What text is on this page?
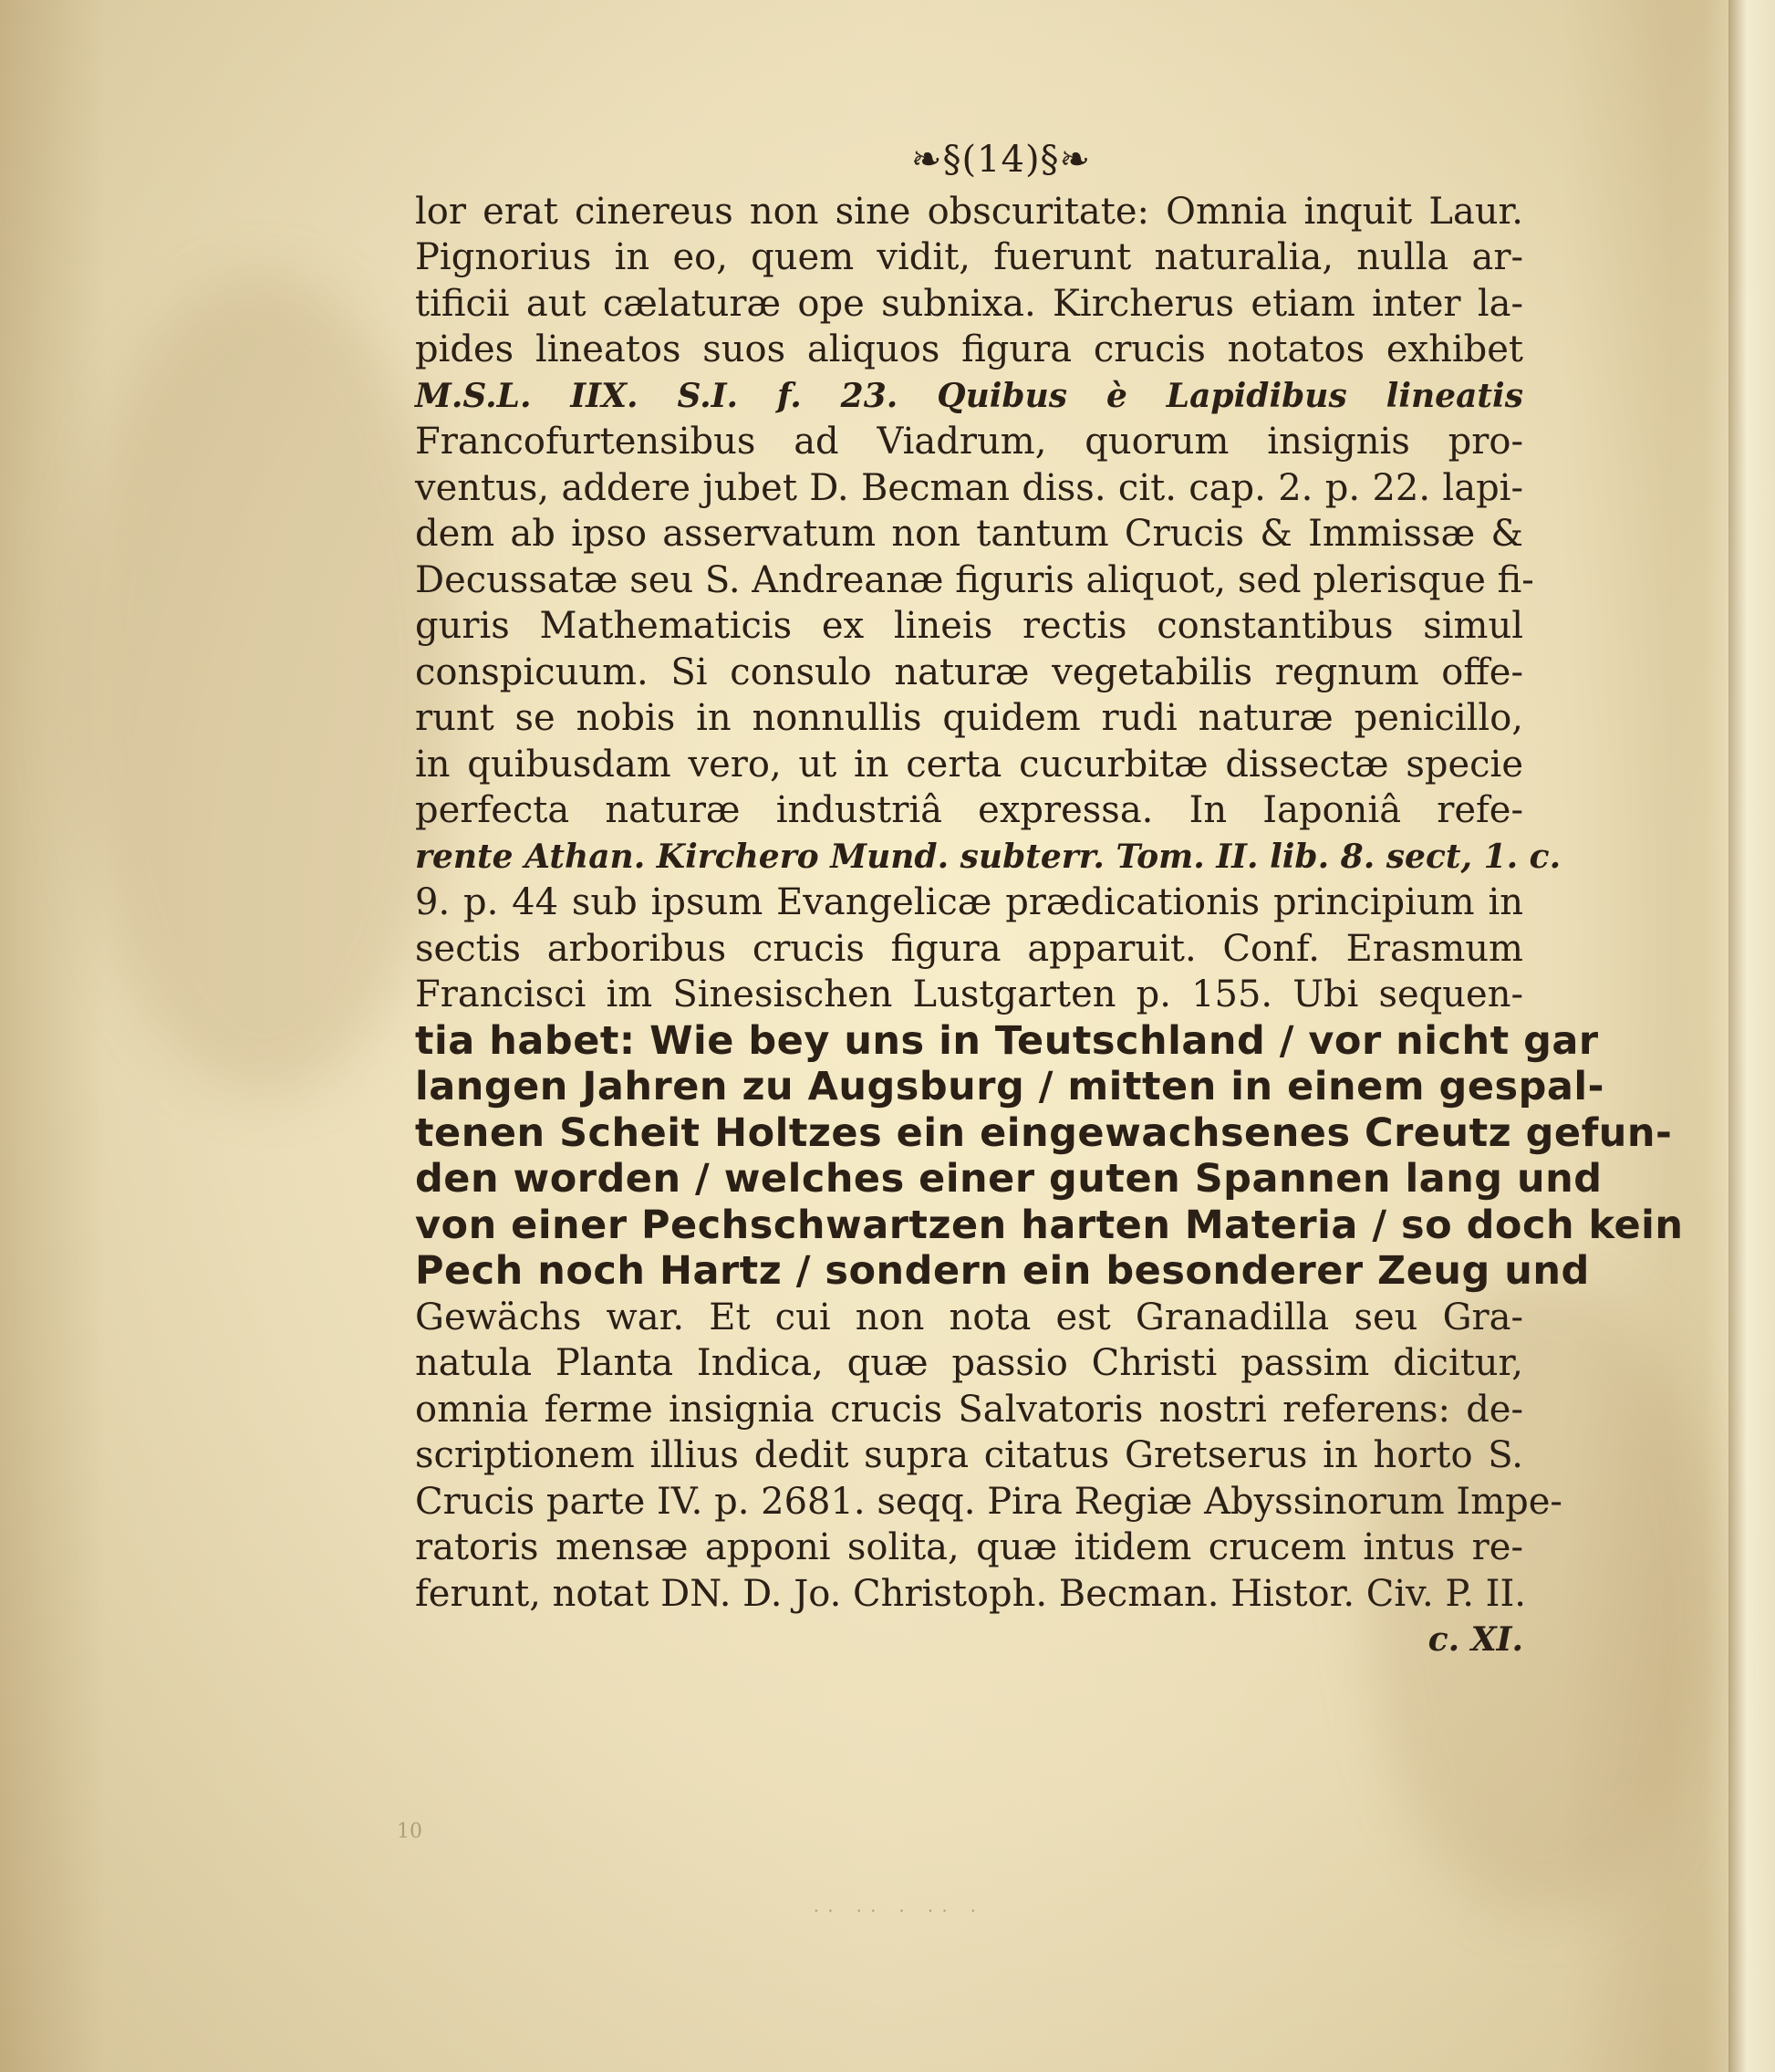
❧§(14)§❧
lor erat cinereus non sine obscuritate: Omnia inquit Laur.
Pignorius in eo, quem vidit, fuerunt naturalia, nulla ar-
tificii aut cælaturæ ope subnixa. Kircherus etiam inter la-
pides lineatos suos aliquos figura crucis notatos exhibet
M.S.L. IIX. S.I. f. 23. Quibus è Lapidibus lineatis
Francofurtensibus ad Viadrum, quorum insignis pro-
ventus, addere jubet D. Becman diss. cit. cap. 2. p. 22. lapi-
dem ab ipso asservatum non tantum Crucis & Immissæ &
Decussatæ seu S. Andreanæ figuris aliquot, sed plerisque fi-
guris Mathematicis ex lineis rectis constantibus simul
conspicuum. Si consulo naturæ vegetabilis regnum offe-
runt se nobis in nonnullis quidem rudi naturæ penicillo,
in quibusdam vero, ut in certa cucurbitæ dissectæ specie
perfecta naturæ industriâ expressa. In Iaponiâ refe-
rente Athan. Kirchero Mund. subterr. Tom. II. lib. 8. sect, 1. c.
9. p. 44 sub ipsum Evangelicæ prædicationis principium in
sectis arboribus crucis figura apparuit. Conf. Erasmum
Francisci im Sinesischen Lustgarten p. 155. Ubi sequen-
tia habet: Wie bey uns in Teutschland / vor nicht gar
langen Jahren zu Augsburg / mitten in einem gespal-
tenen Scheit Holtzes ein eingewachsenes Creutz gefun-
den worden / welches einer guten Spannen lang und
von einer Pechschwartzen harten Materia / so doch kein
Pech noch Hartz / sondern ein besonderer Zeug und
Gewächs war. Et cui non nota est Granadilla seu Gra-
natula Planta Indica, quæ passio Christi passim dicitur,
omnia ferme insignia crucis Salvatoris nostri referens: de-
scriptionem illius dedit supra citatus Gretserus in horto S.
Crucis parte IV. p. 2681. seqq. Pira Regiæ Abyssinorum Impe-
ratoris mensæ apponi solita, quæ itidem crucem intus re-
ferunt, notat DN. D. Jo. Christoph. Becman. Histor. Civ. P. II.
c. XI.
10
·· ·· · ·· ·
